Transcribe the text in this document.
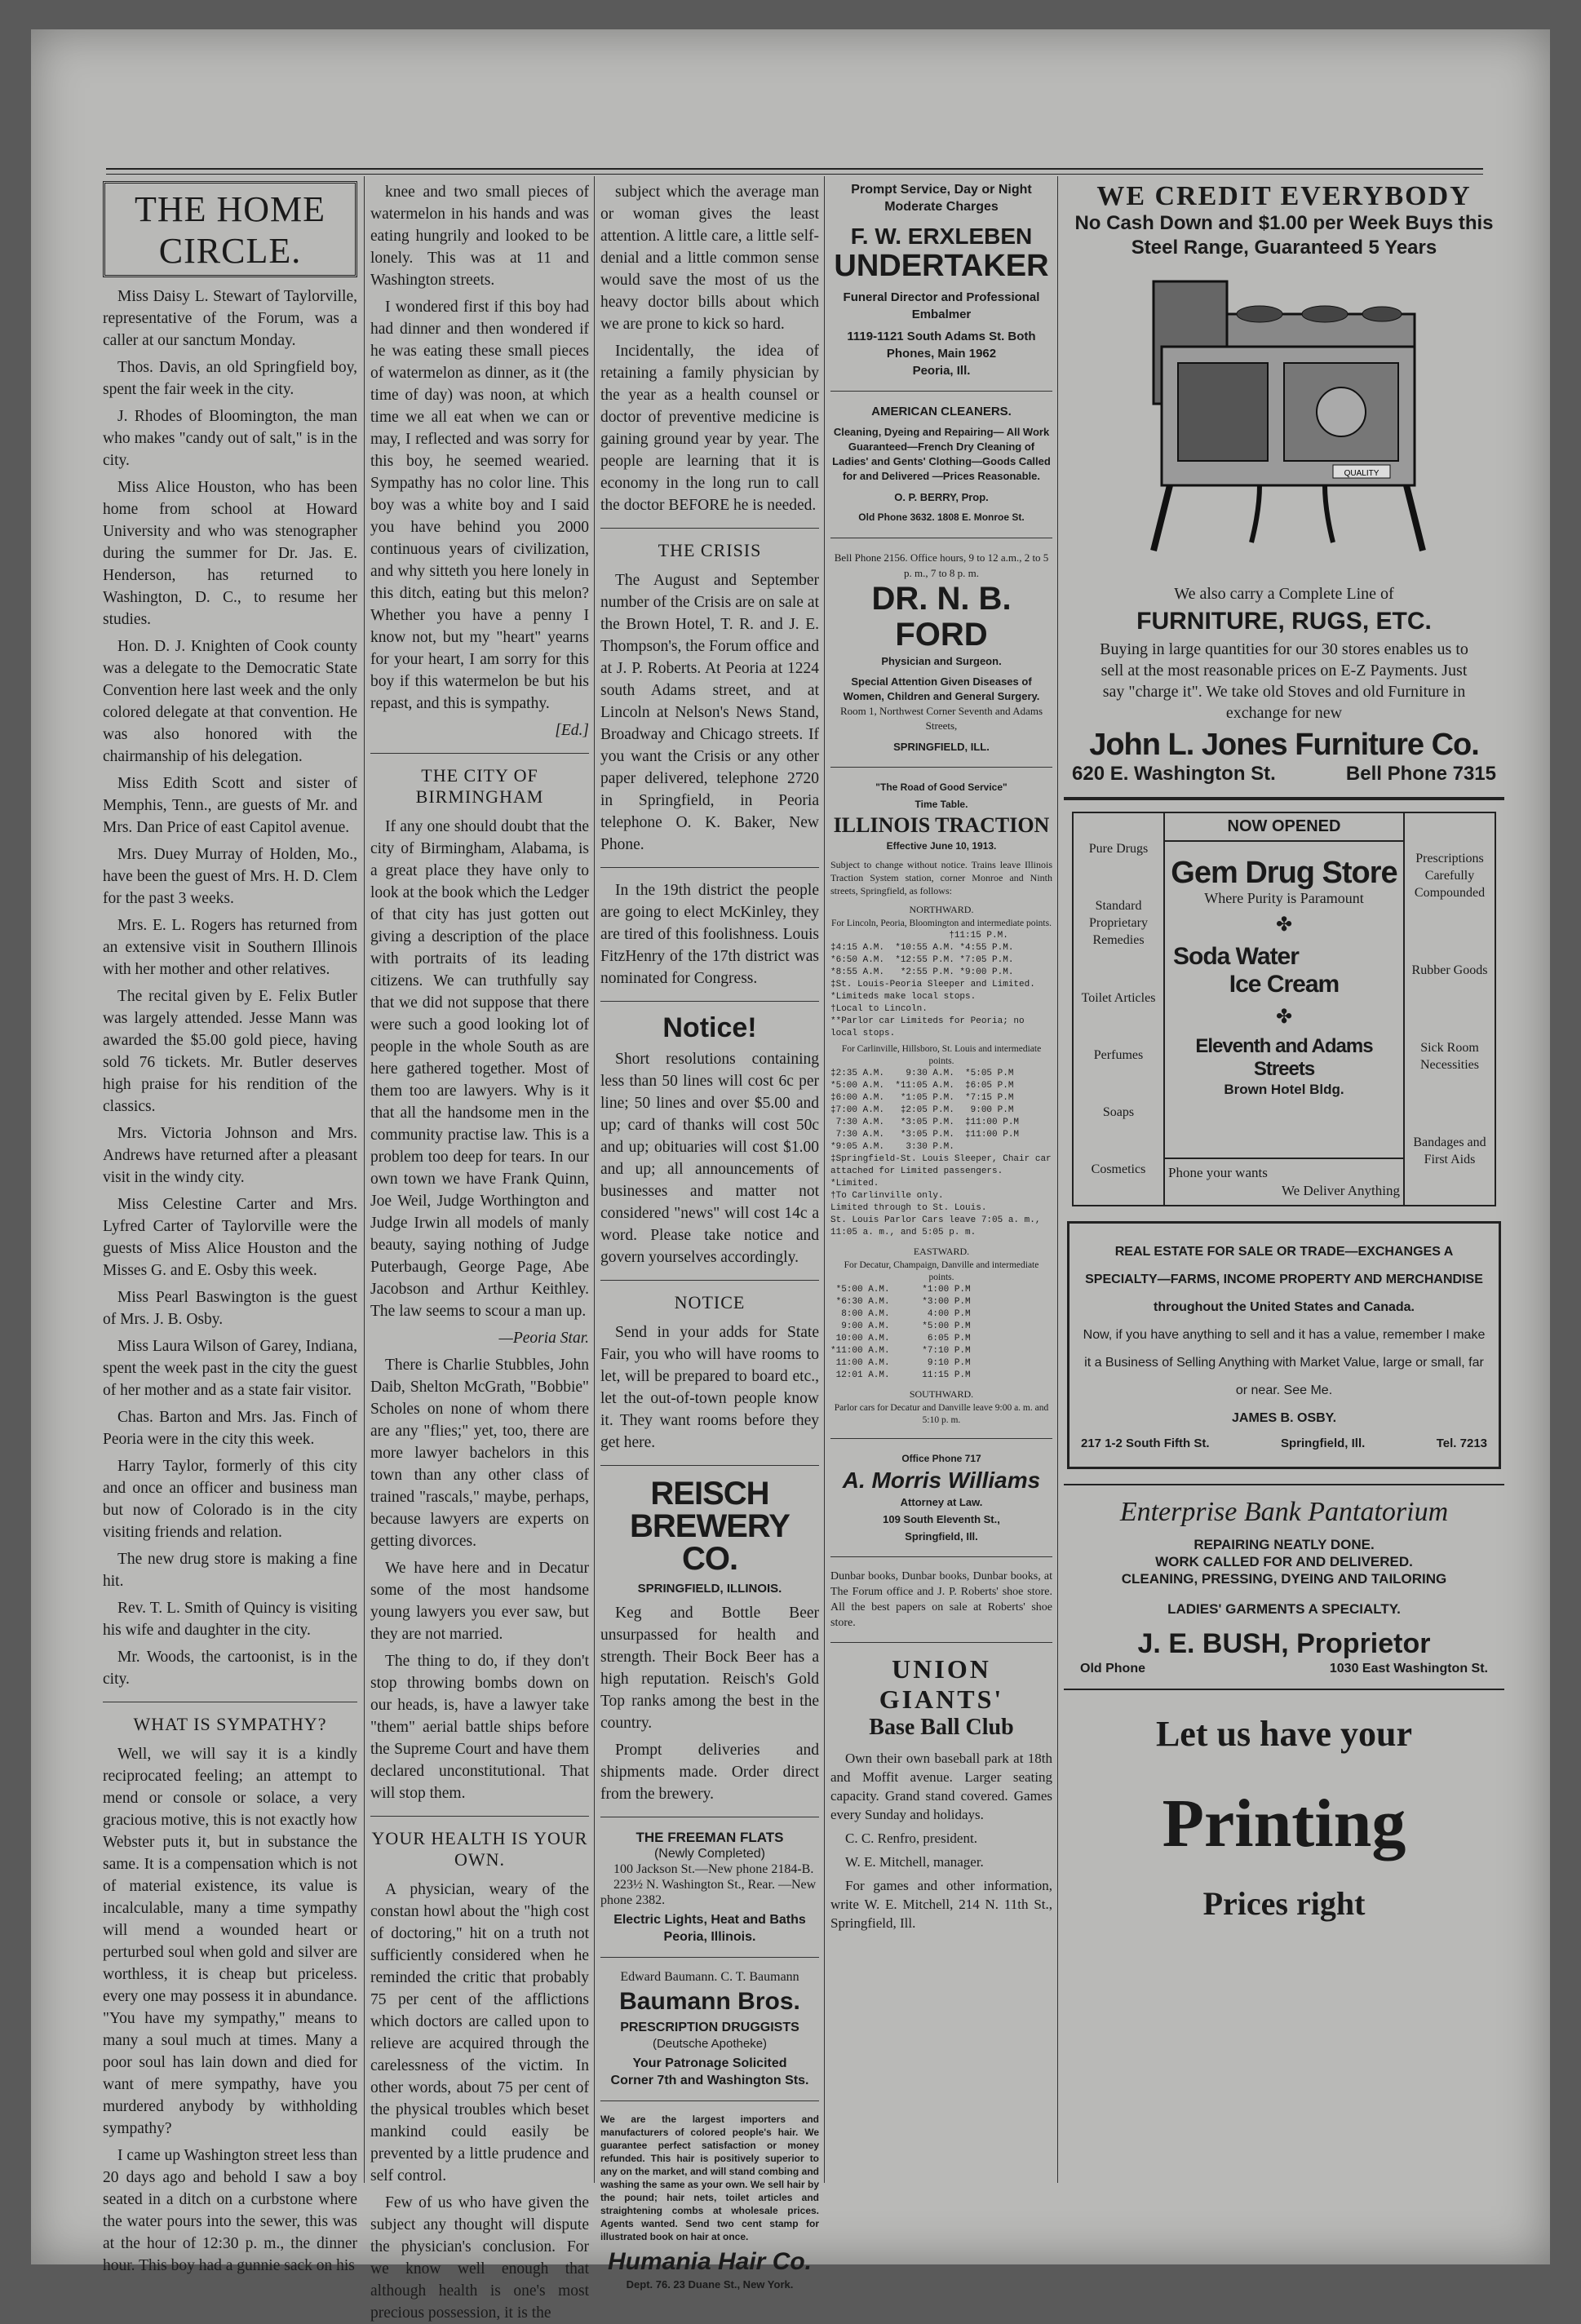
THE HOME CIRCLE.

Miss Daisy L. Stewart of Taylorville, representative of the Forum, was a caller at our sanctum Monday.

Thos. Davis, an old Springfield boy, spent the fair week in the city.

J. Rhodes of Bloomington, the man who makes "candy out of salt," is in the city.

Miss Alice Houston, who has been home from school at Howard University and who was stenographer during the summer for Dr. Jas. E. Henderson, has returned to Washington, D. C., to resume her studies.

Hon. D. J. Knighten of Cook county was a delegate to the Democratic State Convention here last week and the only colored delegate at that convention. He was also honored with the chairmanship of his delegation.

Miss Edith Scott and sister of Memphis, Tenn., are guests of Mr. and Mrs. Dan Price of east Capitol avenue.

Mrs. Duey Murray of Holden, Mo., have been the guest of Mrs. H. D. Clem for the past 3 weeks.

Mrs. E. L. Rogers has returned from an extensive visit in Southern Illinois with her mother and other relatives.

The recital given by E. Felix Butler was largely attended. Jesse Mann was awarded the $5.00 gold piece, having sold 76 tickets. Mr. Butler deserves high praise for his rendition of the classics.

Mrs. Victoria Johnson and Mrs. Andrews have returned after a pleasant visit in the windy city.

Miss Celestine Carter and Mrs. Lyfred Carter of Taylorville were the guests of Miss Alice Houston and the Misses G. and E. Osby this week.

Miss Pearl Baswington is the guest of Mrs. J. B. Osby.

Miss Laura Wilson of Garey, Indiana, spent the week past in the city the guest of her mother and as a state fair visitor.

Chas. Barton and Mrs. Jas. Finch of Peoria were in the city this week.

Harry Taylor, formerly of this city and once an officer and business man but now of Colorado is in the city visiting friends and relation.

The new drug store is making a fine hit.

Rev. T. L. Smith of Quincy is visiting his wife and daughter in the city.

Mr. Woods, the cartoonist, is in the city.

WHAT IS SYMPATHY?

Well, we will say it is a kindly reciprocated feeling; an attempt to mend or console or solace, a very gracious motive, this is not exactly how Webster puts it, but in substance the same. It is a compensation which is not of material existence, its value is incalculable, many a time sympathy will mend a wounded heart or perturbed soul when gold and silver are worthless, it is cheap but priceless. every one may possess it in abundance. "You have my sympathy," means to many a soul much at times. Many a poor soul has lain down and died for want of mere sympathy, have you murdered anybody by withholding sympathy?

I came up Washington street less than 20 days ago and behold I saw a boy seated in a ditch on a curbstone where the water pours into the sewer, this was at the hour of 12:30 p. m., the dinner hour. This boy had a gunnie sack on his

knee and two small pieces of watermelon in his hands and was eating hungrily and looked to be lonely. This was at 11 and Washington streets.

I wondered first if this boy had had dinner and then wondered if he was eating these small pieces of watermelon as dinner, as it (the time of day) was noon, at which time we all eat when we can or may, I reflected and was sorry for this boy, he seemed wearied. Sympathy has no color line. This boy was a white boy and I said you have behind you 2000 continuous years of civilization, and why sitteth you here lonely in this ditch, eating but this melon? Whether you have a penny I know not, but my "heart" yearns for your heart, I am sorry for this boy if this watermelon be but his repast, and this is sympathy.

[Ed.]

THE CITY OF BIRMINGHAM

If any one should doubt that the city of Birmingham, Alabama, is a great place they have only to look at the book which the Ledger of that city has just gotten out giving a description of the place with portraits of its leading citizens. We can truthfully say that we did not suppose that there were such a good looking lot of people in the whole South as are here gathered together. Most of them too are lawyers. Why is it that all the handsome men in the community practise law. This is a problem too deep for tears. In our own town we have Frank Quinn, Joe Weil, Judge Worthington and Judge Irwin all models of manly beauty, saying nothing of Judge Puterbaugh, George Page, Abe Jacobson and Arthur Keithley. The law seems to scour a man up.

—Peoria Star.

There is Charlie Stubbles, John Daib, Shelton McGrath, "Bobbie" Scholes on none of whom there are any "flies;" yet, too, there are more lawyer bachelors in this town than any other class of trained "rascals," maybe, perhaps, because lawyers are experts on getting divorces.

We have here and in Decatur some of the most handsome young lawyers you ever saw, but they are not married.

The thing to do, if they don't stop throwing bombs down on our heads, is, have a lawyer take "them" aerial battle ships before the Supreme Court and have them declared unconstitutional. That will stop them.

YOUR HEALTH IS YOUR OWN.

A physician, weary of the constan howl about the "high cost of doctoring," hit on a truth not sufficiently considered when he reminded the critic that probably 75 per cent of the afflictions which doctors are called upon to relieve are acquired through the carelessness of the victim. In other words, about 75 per cent of the physical troubles which beset mankind could easily be prevented by a little prudence and self control.

Few of us who have given the subject any thought will dispute the physician's conclusion. For we know well enough that although health is one's most precious possession, it is the

subject which the average man or woman gives the least attention. A little care, a little self-denial and a little common sense would save the most of us the heavy doctor bills about which we are prone to kick so hard.

Incidentally, the idea of retaining a family physician by the year as a health counsel or doctor of preventive medicine is gaining ground year by year. The people are learning that it is economy in the long run to call the doctor BEFORE he is needed.

THE CRISIS

The August and September number of the Crisis are on sale at the Brown Hotel, T. R. and J. E. Thompson's, the Forum office and at J. P. Roberts. At Peoria at 1224 south Adams street, and at Lincoln at Nelson's News Stand, Broadway and Chicago streets. If you want the Crisis or any other paper delivered, telephone 2720 in Springfield, in Peoria telephone O. K. Baker, New Phone.

In the 19th district the people are going to elect McKinley, they are tired of this foolishness. Louis FitzHenry of the 17th district was nominated for Congress.

Notice!

Short resolutions containing less than 50 lines will cost 6c per line; 50 lines and over $5.00 and up; card of thanks will cost 50c and up; obituaries will cost $1.00 and up; all announcements of businesses and matter not considered "news" will cost 14c a word. Please take notice and govern yourselves accordingly.

NOTICE

Send in your adds for State Fair, you who will have rooms to let, will be prepared to board etc., let the out-of-town people know it. They want rooms before they get here.

REISCH BREWERY CO.
SPRINGFIELD, ILLINOIS.

Keg and Bottle Beer unsurpassed for health and strength. Their Bock Beer has a high reputation. Reisch's Gold Top ranks among the best in the country.

Prompt deliveries and shipments made. Order direct from the brewery.

THE FREEMAN FLATS
(Newly Completed)
100 Jackson St.—New phone 2184-B.
223½ N. Washington St., Rear. —New phone 2382.
Electric Lights, Heat and Baths Peoria, Illinois.
Edward Baumann. C. T. Baumann
Baumann Bros.
PRESCRIPTION DRUGGISTS
(Deutsche Apotheke)
Your Patronage Solicited
Corner 7th and Washington Sts.
We are the largest importers and manufacturers of colored people's hair. We guarantee perfect satisfaction or money refunded. This hair is positively superior to any on the market, and will stand combing and washing the same as your own. We sell hair by the pound; hair nets, toilet articles and straightening combs at wholesale prices. Agents wanted. Send two cent stamp for illustrated book on hair at once.
Humania Hair Co.
Dept. 76. 23 Duane St., New York.
Prompt Service, Day or Night
Moderate Charges
F. W. ERXLEBEN
UNDERTAKER
Funeral Director and Professional Embalmer
1119-1121 South Adams St. Both Phones, Main 1962
Peoria, Ill.
AMERICAN CLEANERS.
Cleaning, Dyeing and Repairing— All Work Guaranteed—French Dry Cleaning of Ladies' and Gents' Clothing—Goods Called for and Delivered —Prices Reasonable.
O. P. BERRY, Prop.
Old Phone 3632. 1808 E. Monroe St.
Bell Phone 2156. Office hours, 9 to 12 a.m., 2 to 5 p. m., 7 to 8 p. m.
DR. N. B. FORD
Physician and Surgeon.
Special Attention Given Diseases of Women, Children and General Surgery.
Room 1, Northwest Corner Seventh and Adams Streets,
SPRINGFIELD, ILL.
"The Road of Good Service"
Time Table.
ILLINOIS TRACTION
Effective June 10, 1913.
Subject to change without notice. Trains leave Illinois Traction System station, corner Monroe and Ninth streets, Springfield, as follows:
NORTHWARD.
For Lincoln, Peoria, Bloomington and intermediate points.
†11:15 P.M.
‡4:15 A.M.  *10:55 A.M. *4:55 P.M.
*6:50 A.M.  *12:55 P.M. *7:05 P.M.
*8:55 A.M.   *2:55 P.M. *9:00 P.M.
‡St. Louis-Peoria Sleeper and Limited.
*Limiteds make local stops.
†Local to Lincoln.
**Parlor car Limiteds for Peoria; no local stops.
For Carlinville, Hillsboro, St. Louis and intermediate points.
‡2:35 A.M.    9:30 A.M.  *5:05 P.M
*5:00 A.M.  *11:05 A.M.  ‡6:05 P.M
‡6:00 A.M.   *1:05 P.M.  *7:15 P.M
‡7:00 A.M.   ‡2:05 P.M.   9:00 P.M
7:30 A.M.   *3:05 P.M.  ‡11:00 P.M
7:30 A.M.   *3:05 P.M.  ‡11:00 P.M
*9:05 A.M.    3:30 P.M.
‡Springfield-St. Louis Sleeper, Chair car attached for Limited passengers.
*Limited.
†To Carlinville only.
Limited through to St. Louis.
St. Louis Parlor Cars leave 7:05 a. m., 11:05 a. m., and 5:05 p. m.
EASTWARD.
For Decatur, Champaign, Danville and intermediate points.
*5:00 A.M.      *1:00 P.M
*6:30 A.M.      *3:00 P.M
8:00 A.M.       4:00 P.M
9:00 A.M.      *5:00 P.M
10:00 A.M.       6:05 P.M
*11:00 A.M.      *7:10 P.M
11:00 A.M.       9:10 P.M
12:01 A.M.      11:15 P.M
SOUTHWARD.
Parlor cars for Decatur and Danville leave 9:00 a. m. and 5:10 p. m.
Office Phone 717
A. Morris Williams
Attorney at Law.
109 South Eleventh St.,
Springfield, Ill.
Dunbar books, Dunbar books, Dunbar books, at The Forum office and J. P. Roberts' shoe store. All the best papers on sale at Roberts' shoe store.
UNION
GIANTS'
Base Ball Club

Own their own baseball park at 18th and Moffit avenue. Larger seating capacity. Grand stand covered. Games every Sunday and holidays.

C. C. Renfro, president.

W. E. Mitchell, manager.

For games and other information, write W. E. Mitchell, 214 N. 11th St., Springfield, Ill.

WE CREDIT EVERYBODY
No Cash Down and $1.00 per Week Buys this Steel Range, Guaranteed 5 Years
QUALITY
We also carry a Complete Line of
FURNITURE, RUGS, ETC.
Buying in large quantities for our 30 stores enables us to sell at the most reasonable prices on E-Z Payments. Just say "charge it". We take old Stoves and old Furniture in exchange for new
John L. Jones Furniture Co.
620 E. Washington St.	Bell Phone 7315
Pure Drugs
Standard Proprietary Remedies
Toilet Articles
Perfumes
Soaps
Cosmetics
NOW OPENED
Gem Drug Store
Where Purity is Paramount
✤
Soda Water
Ice Cream
✤
Eleventh and Adams Streets
Brown Hotel Bldg.
Phone your wants
We Deliver Anything
Prescriptions Carefully Compounded
Rubber Goods
Sick Room Necessities
Bandages and First Aids
REAL ESTATE FOR SALE OR TRADE—EXCHANGES A SPECIALTY—FARMS, INCOME PROPERTY AND MERCHANDISE throughout the United States and Canada.
Now, if you have anything to sell and it has a value, remember I make it a Business of Selling Anything with Market Value, large or small, far or near. See Me.
JAMES B. OSBY.
217 1-2 South Fifth St.	Springfield, Ill.	Tel. 7213
Enterprise Bank Pantatorium
REPAIRING NEATLY DONE.
WORK CALLED FOR AND DELIVERED.
CLEANING, PRESSING, DYEING AND TAILORING
LADIES' GARMENTS A SPECIALTY.
J. E. BUSH, Proprietor
Old Phone	1030 East Washington St.
Let us have your
Printing
Prices right
